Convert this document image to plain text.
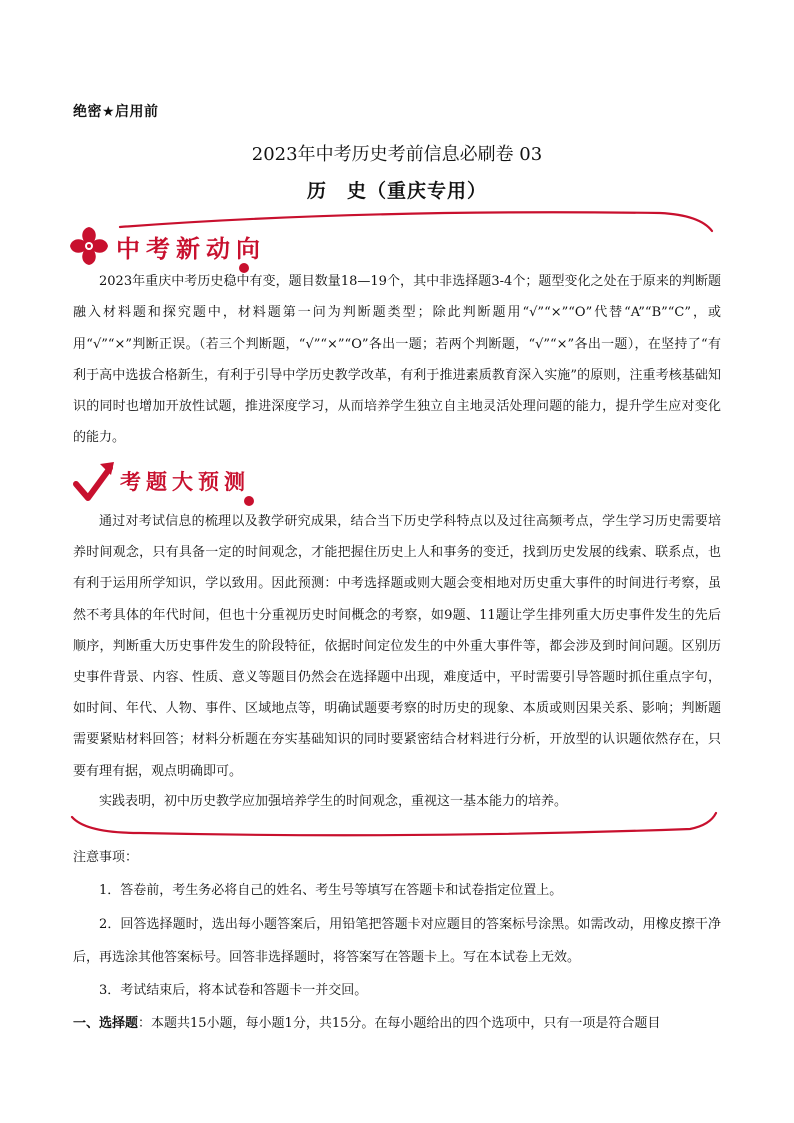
绝密★启用前
2023年中考历史考前信息必刷卷 03
历　史（重庆专用）
中考新动向
2023年重庆中考历史稳中有变，题目数量18—19个，其中非选择题3-4个；题型变化之处在于原来的判断题融入材料题和探究题中，材料题第一问为判断题类型；除此判断题用“√”“×”“O”代替“A”“B”“C”，或用“√”“×”判断正误。（若三个判断题，“√”“×”“O”各出一题；若两个判断题，“√”“×”各出一题），在坚持了“有利于高中选拔合格新生，有利于引导中学历史教学改革，有利于推进素质教育深入实施”的原则，注重考核基础知识的同时也增加开放性试题，推进深度学习，从而培养学生独立自主地灵活处理问题的能力，提升学生应对变化的能力。
考题大预测
通过对考试信息的梳理以及教学研究成果，结合当下历史学科特点以及过往高频考点，学生学习历史需要培养时间观念，只有具备一定的时间观念，才能把握住历史上人和事务的变迁，找到历史发展的线索、联系点，也有利于运用所学知识，学以致用。因此预测：中考选择题或则大题会变相地对历史重大事件的时间进行考察，虽然不考具体的年代时间，但也十分重视历史时间概念的考察，如9题、11题让学生排列重大历史事件发生的先后顺序，判断重大历史事件发生的阶段特征，依据时间定位发生的中外重大事件等，都会涉及到时间问题。区别历史事件背景、内容、性质、意义等题目仍然会在选择题中出现，难度适中，平时需要引导答题时抓住重点字句，如时间、年代、人物、事件、区域地点等，明确试题要考察的时历史的现象、本质或则因果关系、影响；判断题需要紧贴材料回答；材料分析题在夯实基础知识的同时要紧密结合材料进行分析，开放型的认识题依然存在，只要有理有据，观点明确即可。
实践表明，初中历史教学应加强培养学生的时间观念，重视这一基本能力的培养。
注意事项：
1．答卷前，考生务必将自己的姓名、考生号等填写在答题卡和试卷指定位置上。
2．回答选择题时，选出每小题答案后，用铅笔把答题卡对应题目的答案标号涂黑。如需改动，用橡皮擦干净后，再选涂其他答案标号。回答非选择题时，将答案写在答题卡上。写在本试卷上无效。
3．考试结束后，将本试卷和答题卡一并交回。
一、选择题：本题共15小题，每小题1分，共15分。在每小题给出的四个选项中，只有一项是符合题目
